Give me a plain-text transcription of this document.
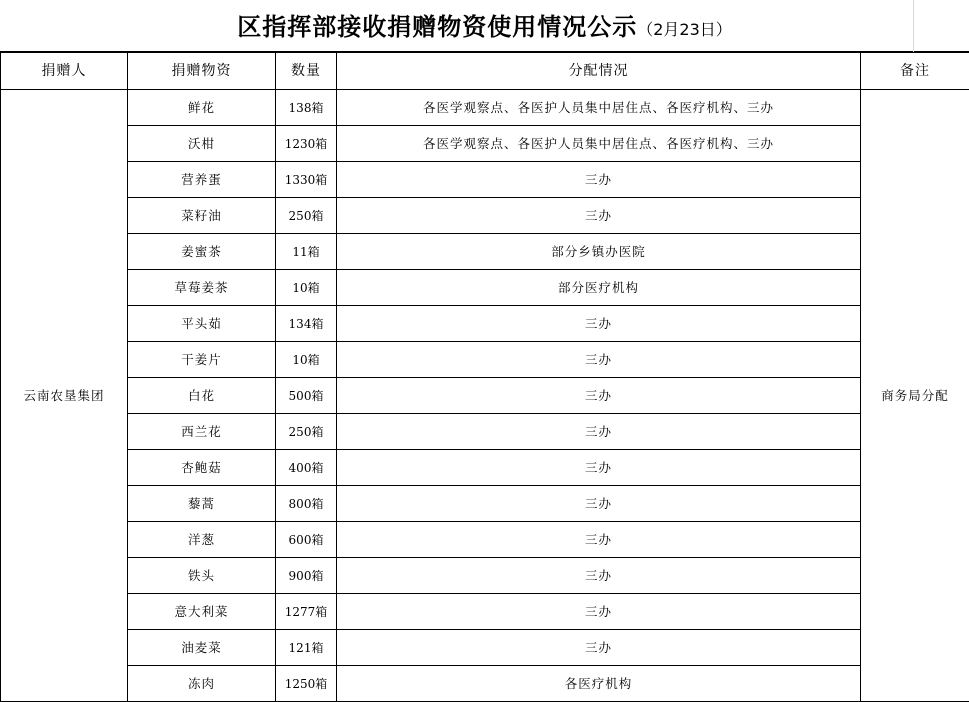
区指挥部接收捐赠物资使用情况公示（2月23日）
捐赠人	捐赠物资	数量	分配情况	备注
云南农垦集团	鲜花	138箱	各医学观察点、各医护人员集中居住点、各医疗机构、三办	商务局分配
	沃柑	1230箱	各医学观察点、各医护人员集中居住点、各医疗机构、三办	
	营养蛋	1330箱	三办	
	菜籽油	250箱	三办	
	姜蜜茶	11箱	部分乡镇办医院	
	草莓姜茶	10箱	部分医疗机构	
	平头茹	134箱	三办	
	干姜片	10箱	三办	
	白花	500箱	三办	
	西兰花	250箱	三办	
	杏鲍菇	400箱	三办	
	藜蒿	800箱	三办	
	洋葱	600箱	三办	
	铁头	900箱	三办	
	意大利菜	1277箱	三办	
	油麦菜	121箱	三办	
	冻肉	1250箱	各医疗机构	
